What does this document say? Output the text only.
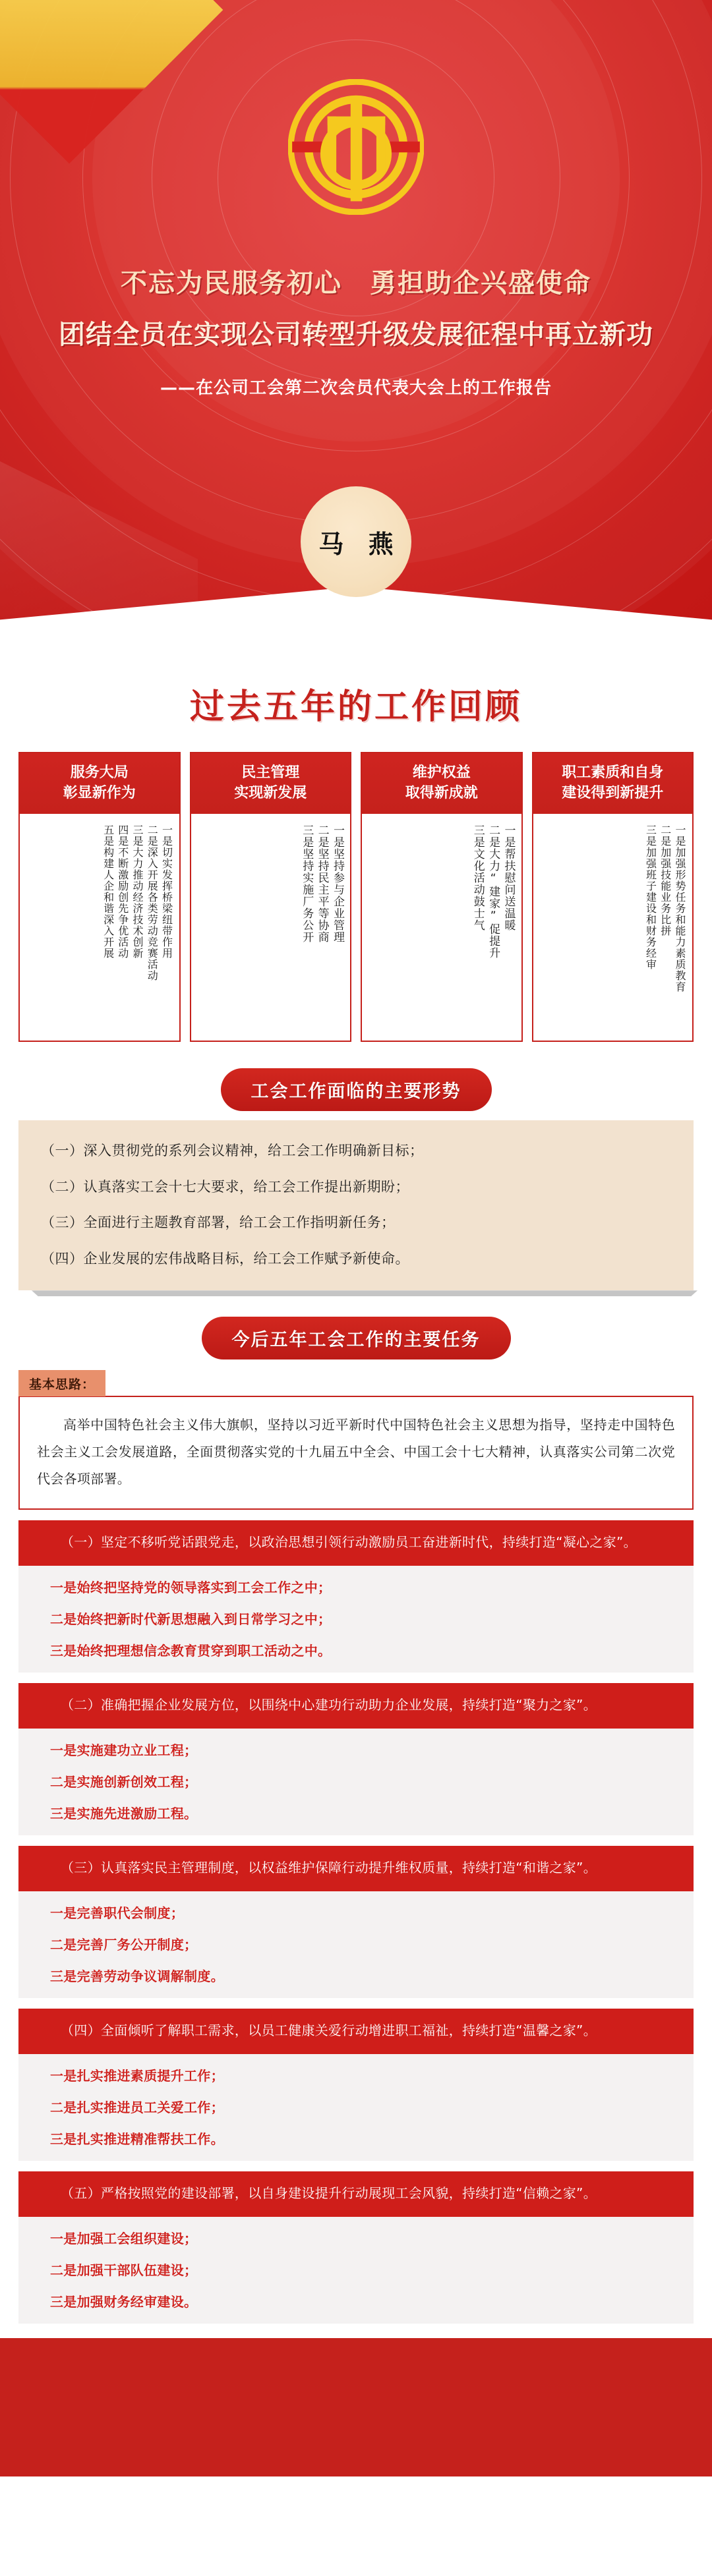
不忘为民服务初心　勇担助企兴盛使命
团结全员在实现公司转型升级发展征程中再立新功
——在公司工会第二次会员代表大会上的工作报告
马 燕
过去五年的工作回顾
服务大局
彰显新作为
一是切实发挥桥梁纽带作用
二是深入开展各类劳动竞赛活动
三是大力推动经济技术创新
四是不断激励创先争优活动
五是构建人企和谐深入开展
民主管理
实现新发展
一是坚持参与企业管理
二是坚持民主平等协商
三是坚持实施厂务公开
维护权益
取得新成就
一是帮扶慰问送温暖
二是大力“建家”促提升
三是文化活动鼓士气
职工素质和自身
建设得到新提升
一是加强形势任务和能力素质教育
二是加强技能业务比拼
三是加强班子建设和财务经审
工会工作面临的主要形势
（一）深入贯彻党的系列会议精神，给工会工作明确新目标；
（二）认真落实工会十七大要求，给工会工作提出新期盼；
（三）全面进行主题教育部署，给工会工作指明新任务；
（四）企业发展的宏伟战略目标，给工会工作赋予新使命。
今后五年工会工作的主要任务
基本思路：
高举中国特色社会主义伟大旗帜，坚持以习近平新时代中国特色社会主义思想为指导，坚持走中国特色社会主义工会发展道路，全面贯彻落实党的十九届五中全会、中国工会十七大精神，认真落实公司第二次党代会各项部署。
（一）坚定不移听党话跟党走，以政治思想引领行动激励员工奋进新时代，持续打造“凝心之家”。
一是始终把坚持党的领导落实到工会工作之中；
二是始终把新时代新思想融入到日常学习之中；
三是始终把理想信念教育贯穿到职工活动之中。
（二）准确把握企业发展方位，以围绕中心建功行动助力企业发展，持续打造“聚力之家”。
一是实施建功立业工程；
二是实施创新创效工程；
三是实施先进激励工程。
（三）认真落实民主管理制度，以权益维护保障行动提升维权质量，持续打造“和谐之家”。
一是完善职代会制度；
二是完善厂务公开制度；
三是完善劳动争议调解制度。
（四）全面倾听了解职工需求，以员工健康关爱行动增进职工福祉，持续打造“温馨之家”。
一是扎实推进素质提升工作；
二是扎实推进员工关爱工作；
三是扎实推进精准帮扶工作。
（五）严格按照党的建设部署，以自身建设提升行动展现工会风貌，持续打造“信赖之家”。
一是加强工会组织建设；
二是加强干部队伍建设；
三是加强财务经审建设。
